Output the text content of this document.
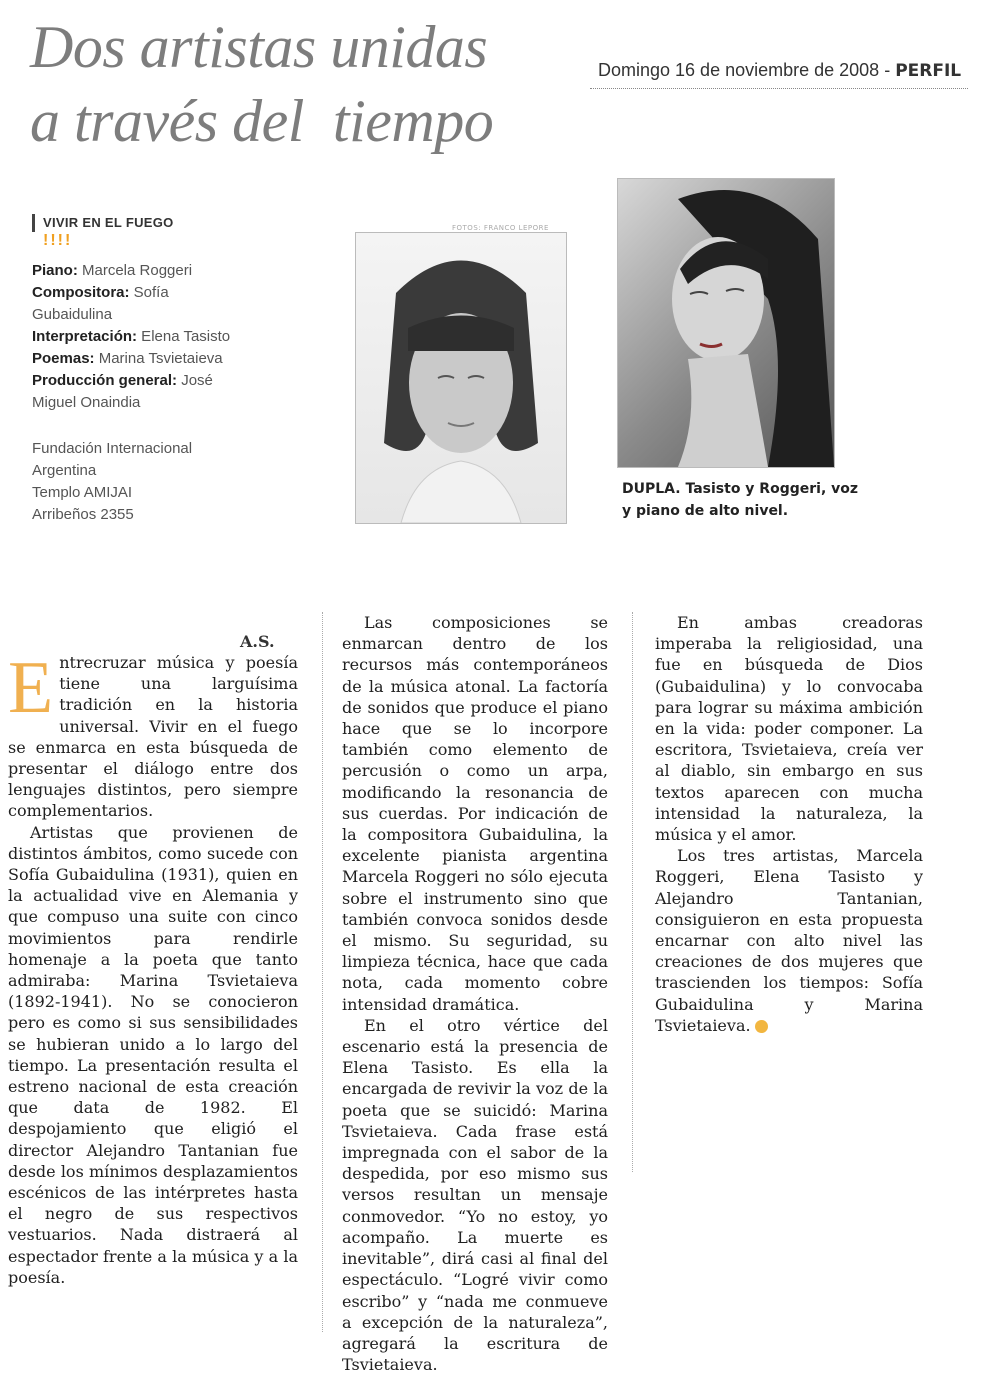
Dos artistas unidas
a través del  tiempo
Domingo 16 de noviembre de 2008 - PERFIL
VIVIR EN EL FUEGO
!!!!

Piano: Marcela Roggeri

Compositora: Sofía Gubaidulina

Interpretación: Elena Tasisto

Poemas: Marina Tsvietaieva

Producción general: José Miguel Onaindia

Fundación Internacional Argentina
Templo AMIJAI
Arribeños 2355
FOTOS: FRANCO LEPORE
DUPLA. Tasisto y Roggeri, voz y piano de alto nivel.
A.S.
E ntrecruzar música y poesía tiene una larguísima tradición en la historia universal. Vivir en el fuego se enmarca en esta búsqueda de presentar el diálogo entre dos lenguajes distintos, pero siempre complementarios.

Artistas que provienen de distintos ámbitos, como sucede con Sofía Gubaidulina (1931), quien en la actualidad vive en Alemania y que compuso una suite con cinco movimientos para rendirle homenaje a la poeta que tanto admiraba: Marina Tsvietaieva (1892-1941). No se conocieron pero es como si sus sensibilidades se hubieran unido a lo largo del tiempo. La presentación resulta el estreno nacional de esta creación que data de 1982. El despojamiento que eligió el director Alejandro Tantanian fue desde los mínimos desplazamientos escénicos de las intérpretes hasta el negro de sus respectivos vestuarios. Nada distraerá al espectador frente a la música y a la poesía.

Las composiciones se enmarcan dentro de los recursos más contemporáneos de la música atonal. La factoría de sonidos que produce el piano hace que se lo incorpore también como elemento de percusión o como un arpa, modificando la resonancia de sus cuerdas. Por indicación de la compositora Gubaidulina, la excelente pianista argentina Marcela Roggeri no sólo ejecuta sobre el instrumento sino que también convoca sonidos desde el mismo. Su seguridad, su limpieza técnica, hace que cada nota, cada momento cobre intensidad dramática.

En el otro vértice del escenario está la presencia de Elena Tasisto. Es ella la encargada de revivir la voz de la poeta que se suicidó: Marina Tsvietaieva. Cada frase está impregnada con el sabor de la despedida, por eso mismo sus versos resultan un mensaje conmovedor. “Yo no estoy, yo acompaño. La muerte es inevitable”, dirá casi al final del espectáculo. “Logré vivir como escribo” y “nada me conmueve a excepción de la naturaleza”, agregará la escritura de Tsvietaieva.

En ambas creadoras imperaba la religiosidad, una fue en búsqueda de Dios (Gubaidulina) y lo convocaba para lograr su máxima ambición en la vida: poder componer. La escritora, Tsvietaieva, creía ver al diablo, sin embargo en sus textos aparecen con mucha intensidad la naturaleza, la música y el amor.

Los tres artistas, Marcela Roggeri, Elena Tasisto y Alejandro Tantanian, consiguieron en esta propuesta encarnar con alto nivel las creaciones de dos mujeres que trascienden los tiempos: Sofía Gubaidulina y Marina Tsvietaieva.
